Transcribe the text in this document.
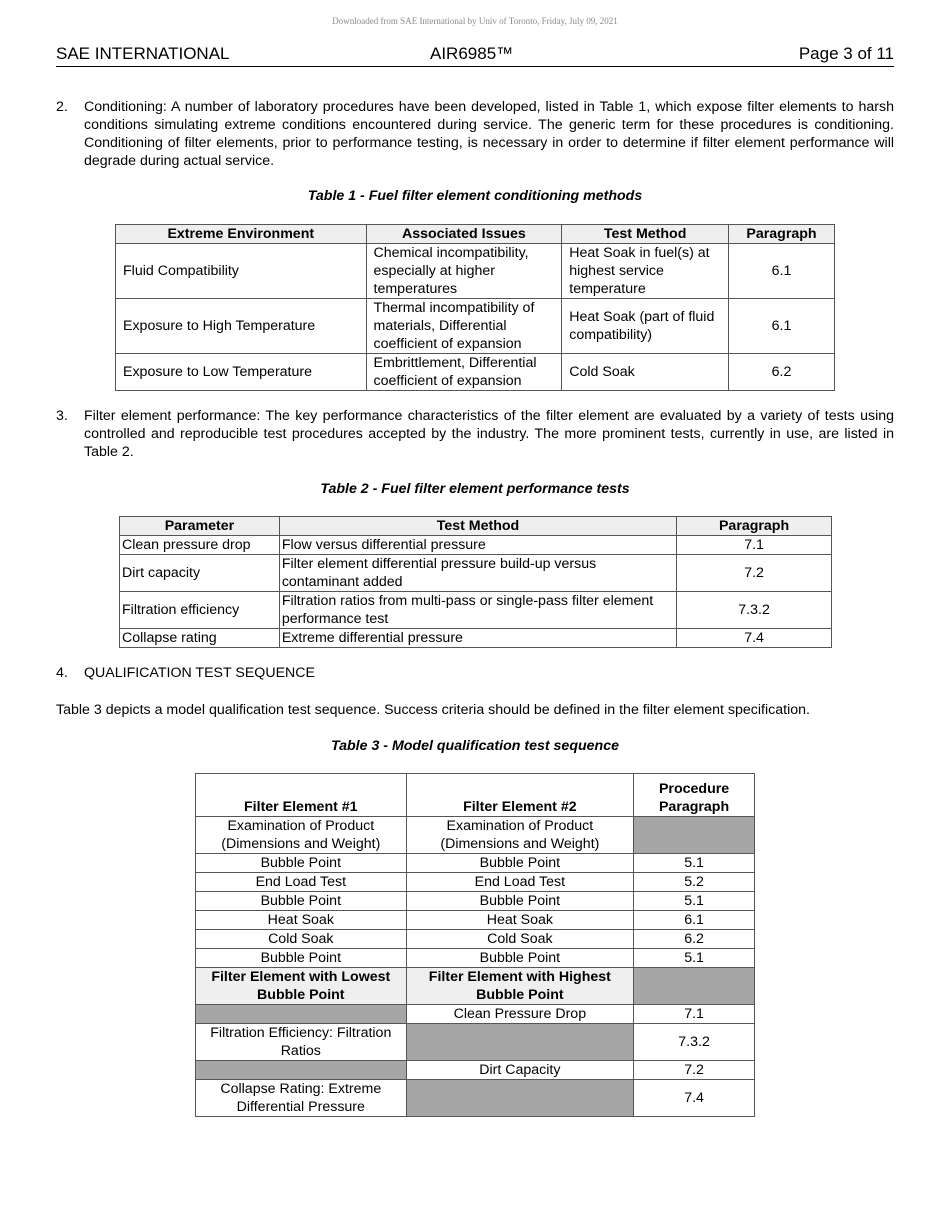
Downloaded from SAE International by Univ of Toronto, Friday, July 09, 2021
SAE INTERNATIONAL	AIR6985™	Page 3 of 11
2. Conditioning: A number of laboratory procedures have been developed, listed in Table 1, which expose filter elements to harsh conditions simulating extreme conditions encountered during service. The generic term for these procedures is conditioning. Conditioning of filter elements, prior to performance testing, is necessary in order to determine if filter element performance will degrade during actual service.
Table 1 - Fuel filter element conditioning methods
Extreme Environment	Associated Issues	Test Method	Paragraph
Fluid Compatibility	Chemical incompatibility, especially at higher temperatures	Heat Soak in fuel(s) at highest service temperature	6.1
Exposure to High Temperature	Thermal incompatibility of materials, Differential coefficient of expansion	Heat Soak (part of fluid compatibility)	6.1
Exposure to Low Temperature	Embrittlement, Differential coefficient of expansion	Cold Soak	6.2
3. Filter element performance: The key performance characteristics of the filter element are evaluated by a variety of tests using controlled and reproducible test procedures accepted by the industry. The more prominent tests, currently in use, are listed in Table 2.
Table 2 - Fuel filter element performance tests
Parameter	Test Method	Paragraph
Clean pressure drop	Flow versus differential pressure	7.1
Dirt capacity	Filter element differential pressure build-up versus contaminant added	7.2
Filtration efficiency	Filtration ratios from multi-pass or single-pass filter element performance test	7.3.2
Collapse rating	Extreme differential pressure	7.4
4. QUALIFICATION TEST SEQUENCE
Table 3 depicts a model qualification test sequence. Success criteria should be defined in the filter element specification.
Table 3 - Model qualification test sequence
Filter Element #1	Filter Element #2	Procedure Paragraph
Examination of Product (Dimensions and Weight)	Examination of Product (Dimensions and Weight)	
Bubble Point	Bubble Point	5.1
End Load Test	End Load Test	5.2
Bubble Point	Bubble Point	5.1
Heat Soak	Heat Soak	6.1
Cold Soak	Cold Soak	6.2
Bubble Point	Bubble Point	5.1
Filter Element with Lowest Bubble Point	Filter Element with Highest Bubble Point	
	Clean Pressure Drop	7.1
Filtration Efficiency: Filtration Ratios		7.3.2
	Dirt Capacity	7.2
Collapse Rating: Extreme Differential Pressure		7.4
